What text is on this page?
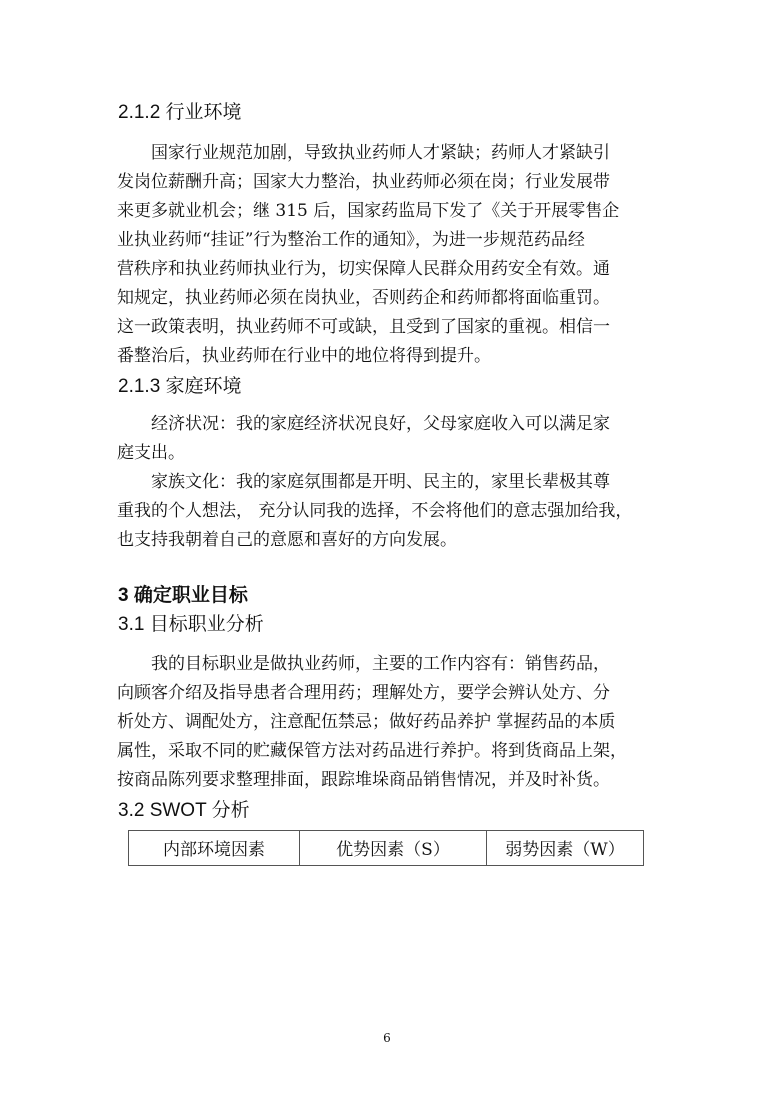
2.1.2 行业环境

国家行业规范加剧，导致执业药师人才紧缺；药师人才紧缺引

发岗位薪酬升高；国家大力整治，执业药师必须在岗；行业发展带

来更多就业机会；继 315 后，国家药监局下发了《关于开展零售企

业执业药师“挂证”行为整治工作的通知》，为进一步规范药品经

营秩序和执业药师执业行为，切实保障人民群众用药安全有效。通

知规定，执业药师必须在岗执业，否则药企和药师都将面临重罚。

这一政策表明，执业药师不可或缺，且受到了国家的重视。相信一

番整治后，执业药师在行业中的地位将得到提升。

2.1.3 家庭环境

经济状况：我的家庭经济状况良好，父母家庭收入可以满足家

庭支出。

家族文化：我的家庭氛围都是开明、民主的，家里长辈极其尊

重我的个人想法， 充分认同我的选择，不会将他们的意志强加给我，

也支持我朝着自己的意愿和喜好的方向发展。

3 确定职业目标
3.1 目标职业分析

我的目标职业是做执业药师，主要的工作内容有：销售药品，

向顾客介绍及指导患者合理用药；理解处方，要学会辨认处方、分

析处方、调配处方，注意配伍禁忌；做好药品养护 掌握药品的本质

属性，采取不同的贮藏保管方法对药品进行养护。将到货商品上架，

按商品陈列要求整理排面，跟踪堆垛商品销售情况，并及时补货。

3.2 SWOT 分析
内部环境因素	优势因素（S）	弱势因素（W）
6
